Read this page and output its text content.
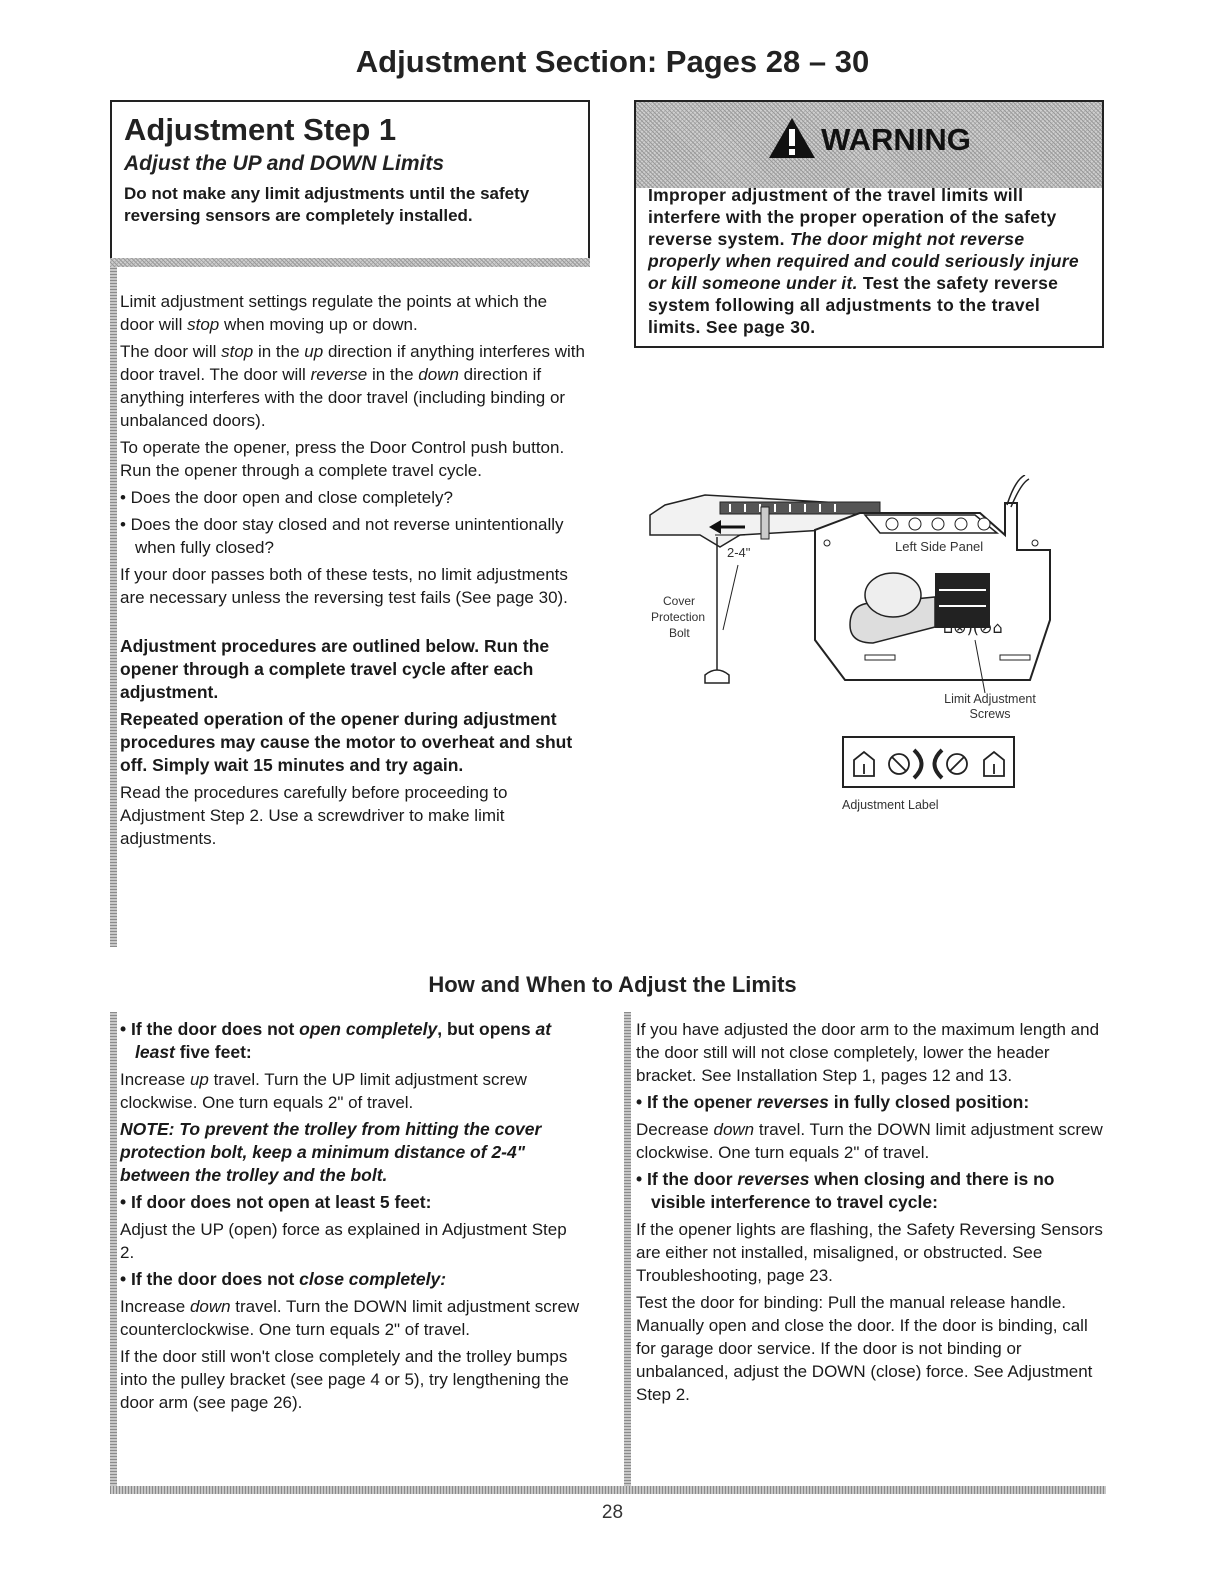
Adjustment Section: Pages 28 – 30
Adjustment Step 1
Adjust the UP and DOWN Limits
Do not make any limit adjustments until the safety reversing sensors are completely installed.

Limit adjustment settings regulate the points at which the door will stop when moving up or down.

The door will stop in the up direction if anything interferes with door travel. The door will reverse in the down direction if anything interferes with the door travel (including binding or unbalanced doors).

To operate the opener, press the Door Control push button. Run the opener through a complete travel cycle.

• Does the door open and close completely?

• Does the door stay closed and not reverse unintentionally when fully closed?

If your door passes both of these tests, no limit adjustments are necessary unless the reversing test fails (See page 30).

Adjustment procedures are outlined below. Run the opener through a complete travel cycle after each adjustment.

Repeated operation of the opener during adjustment procedures may cause the motor to overheat and shut off. Simply wait 15 minutes and try again.

Read the procedures carefully before proceeding to Adjustment Step 2. Use a screwdriver to make limit adjustments.

WARNING
Improper adjustment of the travel limits will interfere with the proper operation of the safety reverse system. The door might not reverse properly when required and could seriously injure or kill someone under it. Test the safety reverse system following all adjustments to the travel limits. See page 30.
2-4"
Cover
Protection
Bolt
Left Side Panel
⌂⊗)(⊘⌂
Limit Adjustment
Screws
Adjustment Label
How and When to Adjust the Limits

• If the door does not open completely, but opens at least five feet:

Increase up travel. Turn the UP limit adjustment screw clockwise. One turn equals 2" of travel.

NOTE: To prevent the trolley from hitting the cover protection bolt, keep a minimum distance of 2-4" between the trolley and the bolt.

• If door does not open at least 5 feet:

Adjust the UP (open) force as explained in Adjustment Step 2.

• If the door does not close completely:

Increase down travel. Turn the DOWN limit adjustment screw counterclockwise. One turn equals 2" of travel.

If the door still won't close completely and the trolley bumps into the pulley bracket (see page 4 or 5), try lengthening the door arm (see page 26).

If you have adjusted the door arm to the maximum length and the door still will not close completely, lower the header bracket. See Installation Step 1, pages 12 and 13.

• If the opener reverses in fully closed position:

Decrease down travel. Turn the DOWN limit adjustment screw clockwise. One turn equals 2" of travel.

• If the door reverses when closing and there is no visible interference to travel cycle:

If the opener lights are flashing, the Safety Reversing Sensors are either not installed, misaligned, or obstructed. See Troubleshooting, page 23.

Test the door for binding: Pull the manual release handle. Manually open and close the door. If the door is binding, call for garage door service. If the door is not binding or unbalanced, adjust the DOWN (close) force. See Adjustment Step 2.

28
